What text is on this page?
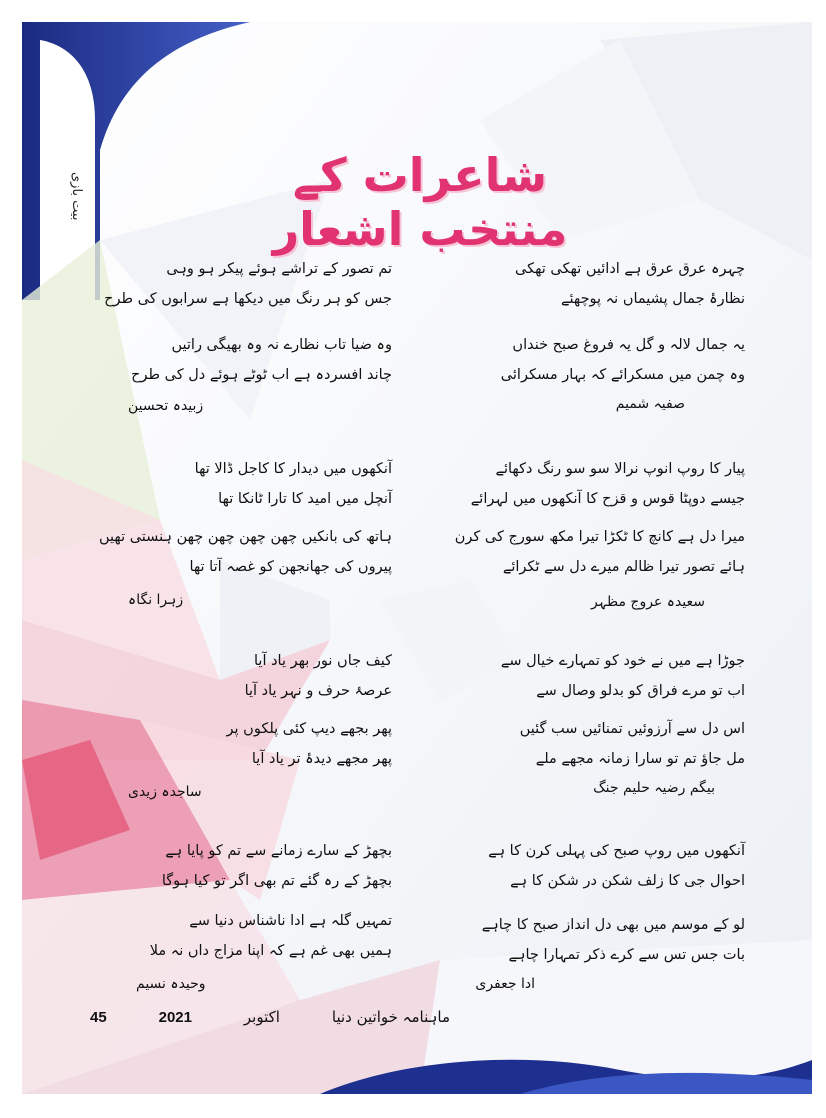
بیت بازی	شاعرات کے منتخب اشعار
چہرہ عرق عرق ہے ادائیں تھکی تھکی
نظارۂ جمال پشیماں نہ پوچھئے
یہ جمال لالہ و گل یہ فروغ صبح خنداں
وہ چمن میں مسکرائے کہ بہار مسکرائی
صفیہ شمیم
پیار کا روپ انوپ نرالا سو سو رنگ دکھائے
جیسے دوپٹا قوس و قزح کا آنکھوں میں لہرائے
میرا دل ہے کانچ کا ٹکڑا تیرا مکھ سورج کی کرن
ہائے تصور تیرا ظالم میرے دل سے ٹکرائے
سعیدہ عروج مظہر
جوڑا ہے میں نے خود کو تمہارے خیال سے
اب تو مرے فراق کو بدلو وصال سے
اس دل سے آرزوئیں تمنائیں سب گئیں
مل جاؤ تم تو سارا زمانہ مجھے ملے
بیگم رضیہ حلیم جنگ
آنکھوں میں روپ صبح کی پہلی کرن کا ہے
احوال جی کا زلف شکن در شکن کا ہے
لو کے موسم میں بھی دل انداز صبح کا چاہے
بات جس تس سے کرے ذکر تمہارا چاہے
ادا جعفری
تم تصور کے تراشے ہوئے پیکر ہو وہی
جس کو ہر رنگ میں دیکھا ہے سرابوں کی طرح
وہ ضیا تاب نظارے نہ وہ بھیگی راتیں
چاند افسردہ ہے اب ٹوٹے ہوئے دل کی طرح
زبیدہ تحسین
آنکھوں میں دیدار کا کاجل ڈالا تھا
آنچل میں امید کا تارا ٹانکا تھا
ہاتھ کی بانکیں چھن چھن چھن چھن ہنستی تھیں
پیروں کی جھانجھن کو غصہ آتا تھا
زہرا نگاہ
کیف جاں نور بھر یاد آیا
عرصۂ حرف و نہر یاد آیا
پھر بجھے دیپ کئی پلکوں پر
پھر مجھے دیدۂ تر یاد آیا
ساجدہ زیدی
بچھڑ کے سارے زمانے سے تم کو پایا ہے
بچھڑ کے رہ گئے تم بھی اگر تو کیا ہوگا
تمہیں گلہ ہے ادا ناشناس دنیا سے
ہمیں بھی غم ہے کہ اپنا مزاج داں نہ ملا
وحیدہ نسیم
ماہنامہ خواتین دنیا
اکتوبر
2021
45
